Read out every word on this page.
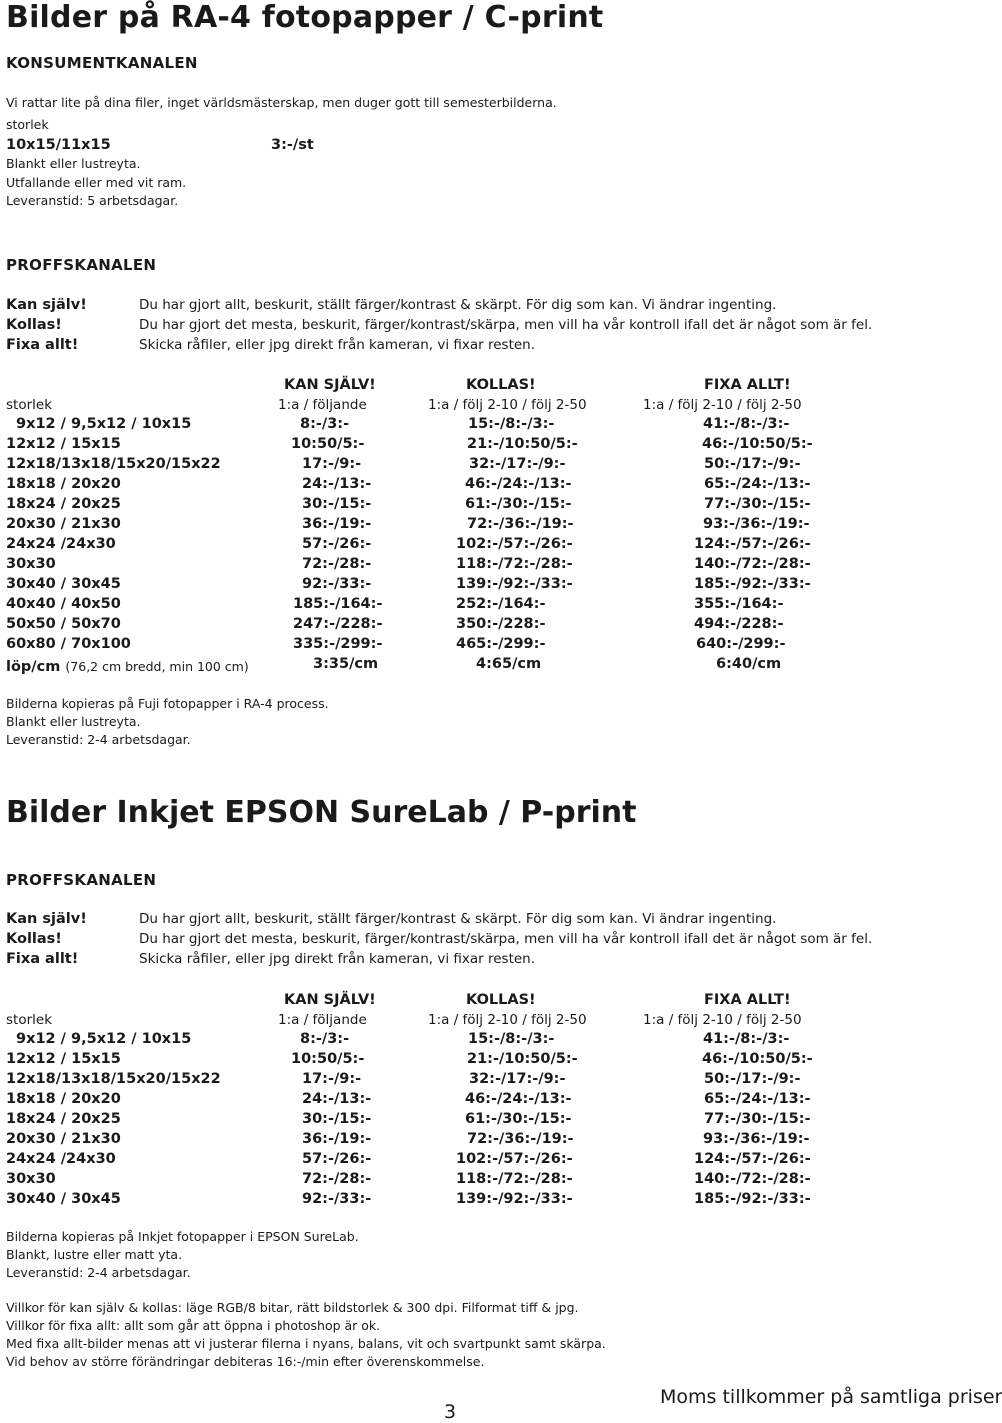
Bilder på RA-4 fotopapper / C-print
KONSUMENTKANALEN
Vi rattar lite på dina filer, inget världsmästerskap, men duger gott till semesterbilderna.
storlek
10x15/11x15	3:-/st
Blankt eller lustreyta.
Utfallande eller med vit ram.
Leveranstid: 5 arbetsdagar.
PROFFSKANALEN
Kan själv!	Du har gjort allt, beskurit, ställt färger/kontrast & skärpt. För dig som kan. Vi ändrar ingenting.
Kollas!	Du har gjort det mesta, beskurit, färger/kontrast/skärpa, men vill ha vår kontroll ifall det är något som är fel.
Fixa allt!	Skicka råfiler, eller jpg direkt från kameran, vi fixar resten.
KAN SJÄLV!	KOLLAS!	FIXA ALLT!
storlek	1:a / följande	1:a / följ 2-10 / följ 2-50	1:a / följ 2-10 / följ 2-50
9x12 / 9,5x12 / 10x15	8:-/3:-	15:-/8:-/3:-	41:-/8:-/3:-
12x12 / 15x15	10:50/5:-	21:-/10:50/5:-	46:-/10:50/5:-
12x18/13x18/15x20/15x22	17:-/9:-	32:-/17:-/9:-	50:-/17:-/9:-
18x18 / 20x20	24:-/13:-	46:-/24:-/13:-	65:-/24:-/13:-
18x24 / 20x25	30:-/15:-	61:-/30:-/15:-	77:-/30:-/15:-
20x30 / 21x30	36:-/19:-	72:-/36:-/19:-	93:-/36:-/19:-
24x24 /24x30	57:-/26:-	102:-/57:-/26:-	124:-/57:-/26:-
30x30	72:-/28:-	118:-/72:-/28:-	140:-/72:-/28:-
30x40 / 30x45	92:-/33:-	139:-/92:-/33:-	185:-/92:-/33:-
40x40 / 40x50	185:-/164:-	252:-/164:-	355:-/164:-
50x50 / 50x70	247:-/228:-	350:-/228:-	494:-/228:-
60x80 / 70x100	335:-/299:-	465:-/299:-	640:-/299:-
löp/cm (76,2 cm bredd, min 100 cm)	3:35/cm	4:65/cm	6:40/cm
Bilderna kopieras på Fuji fotopapper i RA-4 process.
Blankt eller lustreyta.
Leveranstid: 2-4 arbetsdagar.
Bilder Inkjet EPSON SureLab / P-print
PROFFSKANALEN
Kan själv!	Du har gjort allt, beskurit, ställt färger/kontrast & skärpt. För dig som kan. Vi ändrar ingenting.
Kollas!	Du har gjort det mesta, beskurit, färger/kontrast/skärpa, men vill ha vår kontroll ifall det är något som är fel.
Fixa allt!	Skicka råfiler, eller jpg direkt från kameran, vi fixar resten.
KAN SJÄLV!	KOLLAS!	FIXA ALLT!
storlek	1:a / följande	1:a / följ 2-10 / följ 2-50	1:a / följ 2-10 / följ 2-50
9x12 / 9,5x12 / 10x15	8:-/3:-	15:-/8:-/3:-	41:-/8:-/3:-
12x12 / 15x15	10:50/5:-	21:-/10:50/5:-	46:-/10:50/5:-
12x18/13x18/15x20/15x22	17:-/9:-	32:-/17:-/9:-	50:-/17:-/9:-
18x18 / 20x20	24:-/13:-	46:-/24:-/13:-	65:-/24:-/13:-
18x24 / 20x25	30:-/15:-	61:-/30:-/15:-	77:-/30:-/15:-
20x30 / 21x30	36:-/19:-	72:-/36:-/19:-	93:-/36:-/19:-
24x24 /24x30	57:-/26:-	102:-/57:-/26:-	124:-/57:-/26:-
30x30	72:-/28:-	118:-/72:-/28:-	140:-/72:-/28:-
30x40 / 30x45	92:-/33:-	139:-/92:-/33:-	185:-/92:-/33:-
Bilderna kopieras på Inkjet fotopapper i EPSON SureLab.
Blankt, lustre eller matt yta.
Leveranstid: 2-4 arbetsdagar.
Villkor för kan själv & kollas: läge RGB/8 bitar, rätt bildstorlek & 300 dpi. Filformat tiff & jpg.
Villkor för fixa allt: allt som går att öppna i photoshop är ok.
Med fixa allt-bilder menas att vi justerar filerna i nyans, balans, vit och svartpunkt samt skärpa.
Vid behov av större förändringar debiteras 16:-/min efter överenskommelse.
3
Moms tillkommer på samtliga priser
